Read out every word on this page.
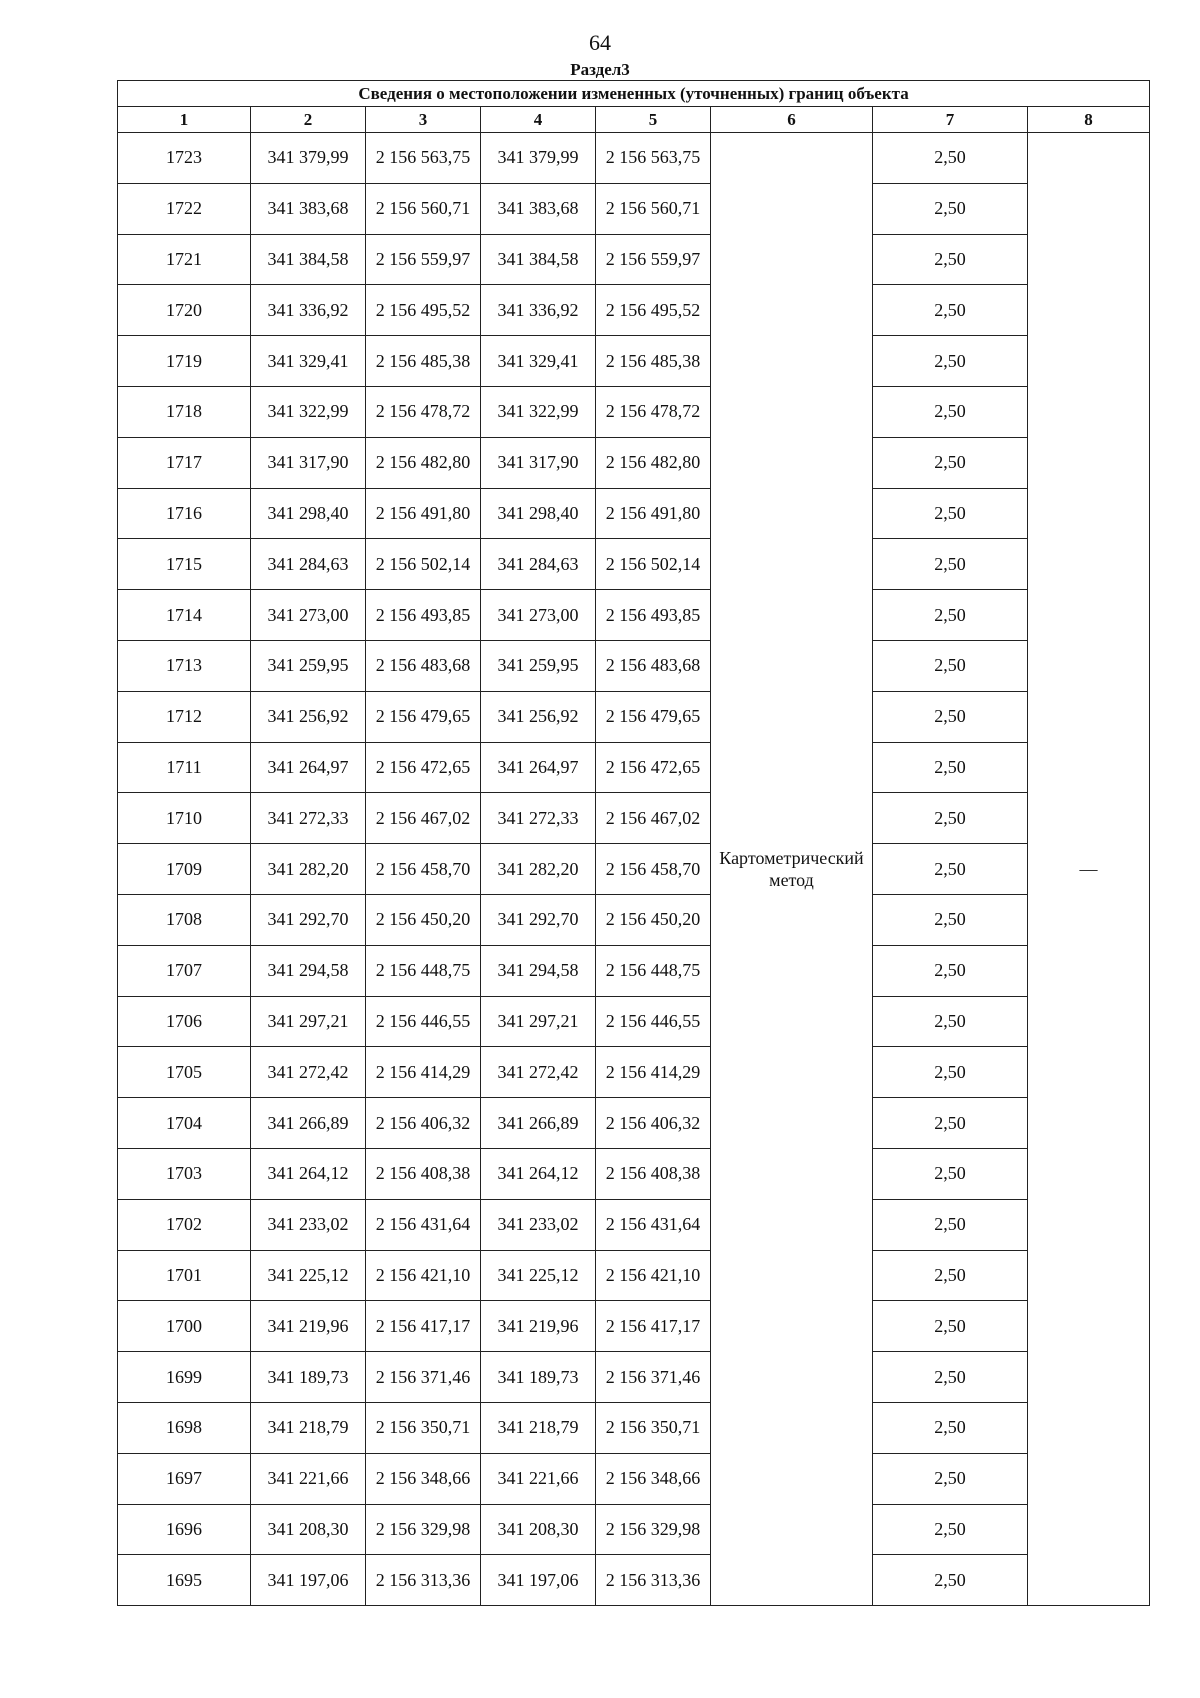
64
Раздел3
Сведения о местоположении измененных (уточненных) границ объекта							
1	2	3	4	5	6	7	8
1723	341 379,99	2 156 563,75	341 379,99	2 156 563,75	Картометрический метод	2,50	—
1722	341 383,68	2 156 560,71	341 383,68	2 156 560,71		2,50	
1721	341 384,58	2 156 559,97	341 384,58	2 156 559,97		2,50	
1720	341 336,92	2 156 495,52	341 336,92	2 156 495,52		2,50	
1719	341 329,41	2 156 485,38	341 329,41	2 156 485,38		2,50	
1718	341 322,99	2 156 478,72	341 322,99	2 156 478,72		2,50	
1717	341 317,90	2 156 482,80	341 317,90	2 156 482,80		2,50	
1716	341 298,40	2 156 491,80	341 298,40	2 156 491,80		2,50	
1715	341 284,63	2 156 502,14	341 284,63	2 156 502,14		2,50	
1714	341 273,00	2 156 493,85	341 273,00	2 156 493,85		2,50	
1713	341 259,95	2 156 483,68	341 259,95	2 156 483,68		2,50	
1712	341 256,92	2 156 479,65	341 256,92	2 156 479,65		2,50	
1711	341 264,97	2 156 472,65	341 264,97	2 156 472,65		2,50	
1710	341 272,33	2 156 467,02	341 272,33	2 156 467,02		2,50	
1709	341 282,20	2 156 458,70	341 282,20	2 156 458,70		2,50	
1708	341 292,70	2 156 450,20	341 292,70	2 156 450,20		2,50	
1707	341 294,58	2 156 448,75	341 294,58	2 156 448,75		2,50	
1706	341 297,21	2 156 446,55	341 297,21	2 156 446,55		2,50	
1705	341 272,42	2 156 414,29	341 272,42	2 156 414,29		2,50	
1704	341 266,89	2 156 406,32	341 266,89	2 156 406,32		2,50	
1703	341 264,12	2 156 408,38	341 264,12	2 156 408,38		2,50	
1702	341 233,02	2 156 431,64	341 233,02	2 156 431,64		2,50	
1701	341 225,12	2 156 421,10	341 225,12	2 156 421,10		2,50	
1700	341 219,96	2 156 417,17	341 219,96	2 156 417,17		2,50	
1699	341 189,73	2 156 371,46	341 189,73	2 156 371,46		2,50	
1698	341 218,79	2 156 350,71	341 218,79	2 156 350,71		2,50	
1697	341 221,66	2 156 348,66	341 221,66	2 156 348,66		2,50	
1696	341 208,30	2 156 329,98	341 208,30	2 156 329,98		2,50	
1695	341 197,06	2 156 313,36	341 197,06	2 156 313,36		2,50	
